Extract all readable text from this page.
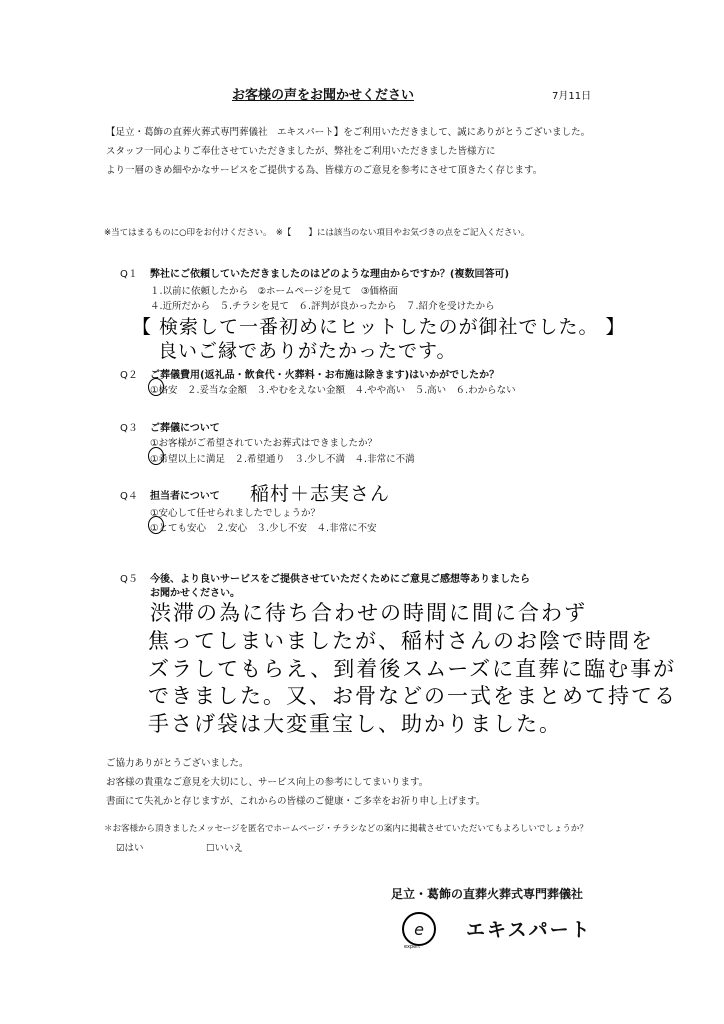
お客様の声をお聞かせください	7月11日
【足立・葛飾の直葬火葬式専門葬儀社　エキスパート】をご利用いただきまして、誠にありがとうございました。
スタッフ一同心よりご奉仕させていただきましたが、弊社をご利用いただきました皆様方に
より一層のきめ細やかなサービスをご提供する為、皆様方のご意見を参考にさせて頂きたく存じます。
※当てはまるものに○印をお付けください。　※【　　】には該当のない項目やお気づきの点をご記入ください。
Q１ 弊社にご依頼していただきましたのはどのような理由からですか？(複数回答可)
１.以前に依頼したから　②ホームページを見て　③価格面
４.近所だから　５.チラシを見て　６.評判が良かったから　７.紹介を受けたから
【 検索して一番初めにヒットしたのが御社でした。 】
良いご縁でありがたかったです。
Q２ ご葬儀費用(返礼品・飲食代・火葬料・お布施は除きます)はいかがでしたか？
①格安　２.妥当な金額　３.やむをえない金額　４.やや高い　５.高い　６.わからない
Q３ ご葬儀について
①お客様がご希望されていたお葬式はできましたか？
①希望以上に満足　２.希望通り　３.少し不満　４.非常に不満
Q４ 担当者について 稲村＋志実さん
①安心して任せられましたでしょうか？
①とても安心　２.安心　３.少し不安　４.非常に不安
Q５ 今後、より良いサービスをご提供させていただくためにご意見ご感想等ありましたら
お聞かせください。
渋滞の為に待ち合わせの時間に間に合わず
焦ってしまいましたが、稲村さんのお陰で時間を
ズラしてもらえ、到着後スムーズに直葬に臨む事が
できました。又、お骨などの一式をまとめて持てる
手さげ袋は大変重宝し、助かりました。
ご協力ありがとうございました。
お客様の貴重なご意見を大切にし、サービス向上の参考にしてまいります。
書面にて失礼かと存じますが、これからの皆様のご健康・ご多幸をお祈り申し上げます。
＊お客様から頂きましたメッセージを匿名でホームページ・チラシなどの案内に掲載させていただいてもよろしいでしょうか？
☑はい	☐いいえ
足立・葛飾の直葬火葬式専門葬儀社
e
expert
エキスパート
